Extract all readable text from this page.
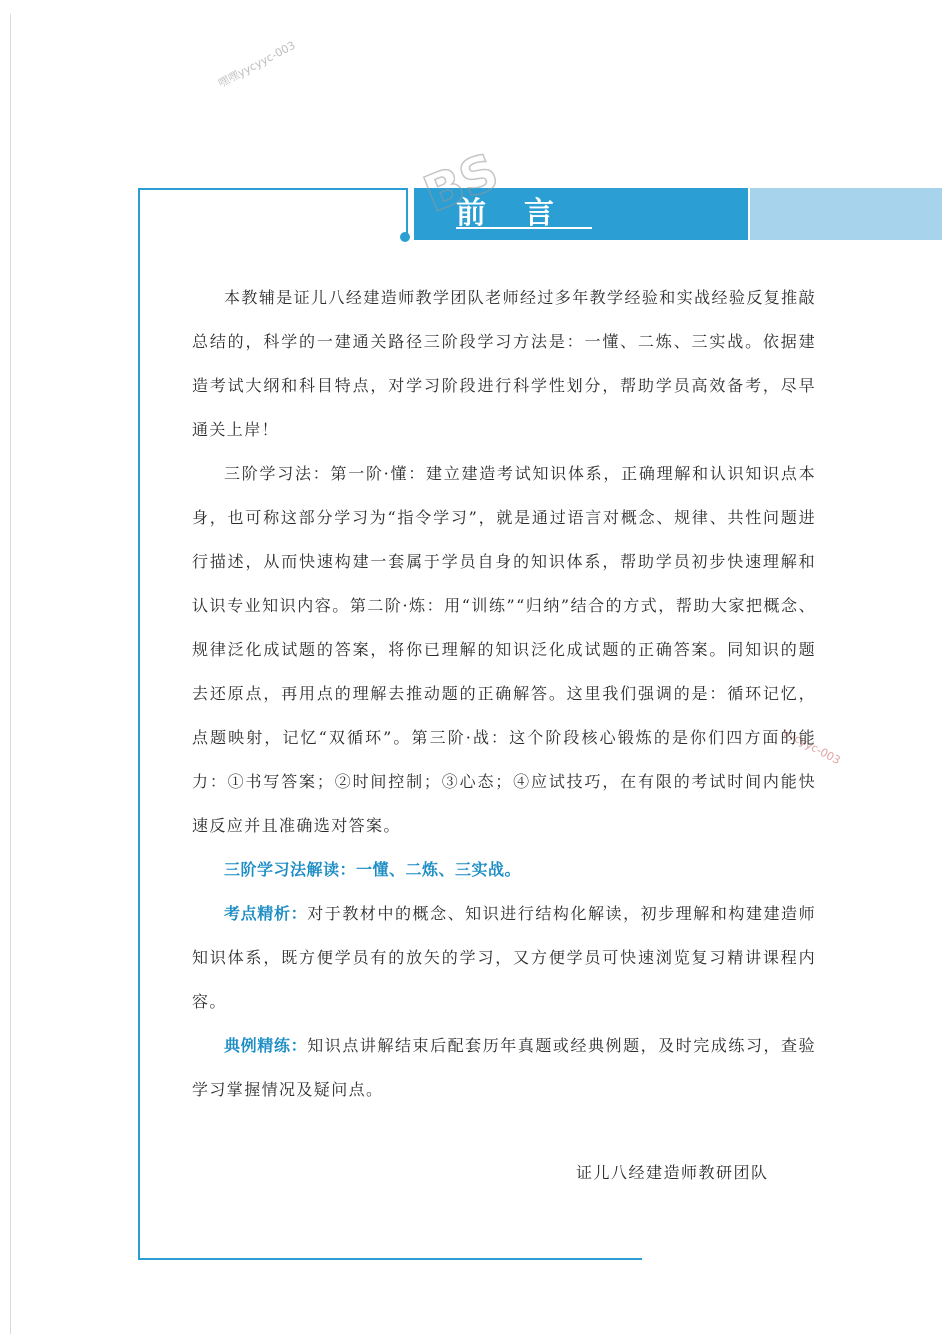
嘿嘿yycyyc-003
yycyyc-003
前言
BS

本教辅是证儿八经建造师教学团队老师经过多年教学经验和实战经验反复推敲总结的，科学的一建通关路径三阶段学习方法是：一懂、二炼、三实战。依据建造考试大纲和科目特点，对学习阶段进行科学性划分，帮助学员高效备考，尽早通关上岸！

三阶学习法：第一阶·懂：建立建造考试知识体系，正确理解和认识知识点本身，也可称这部分学习为“指令学习”，就是通过语言对概念、规律、共性问题进行描述，从而快速构建一套属于学员自身的知识体系，帮助学员初步快速理解和认识专业知识内容。第二阶·炼：用“训练”“归纳”结合的方式，帮助大家把概念、规律泛化成试题的答案，将你已理解的知识泛化成试题的正确答案。同知识的题去还原点，再用点的理解去推动题的正确解答。这里我们强调的是：循环记忆，点题映射，记忆“双循环”。第三阶·战：这个阶段核心锻炼的是你们四方面的能力：①书写答案；②时间控制；③心态；④应试技巧，在有限的考试时间内能快速反应并且准确选对答案。

三阶学习法解读：一懂、二炼、三实战。

考点精析：对于教材中的概念、知识进行结构化解读，初步理解和构建建造师知识体系，既方便学员有的放矢的学习，又方便学员可快速浏览复习精讲课程内容。

典例精练：知识点讲解结束后配套历年真题或经典例题，及时完成练习，查验学习掌握情况及疑问点。

证儿八经建造师教研团队
